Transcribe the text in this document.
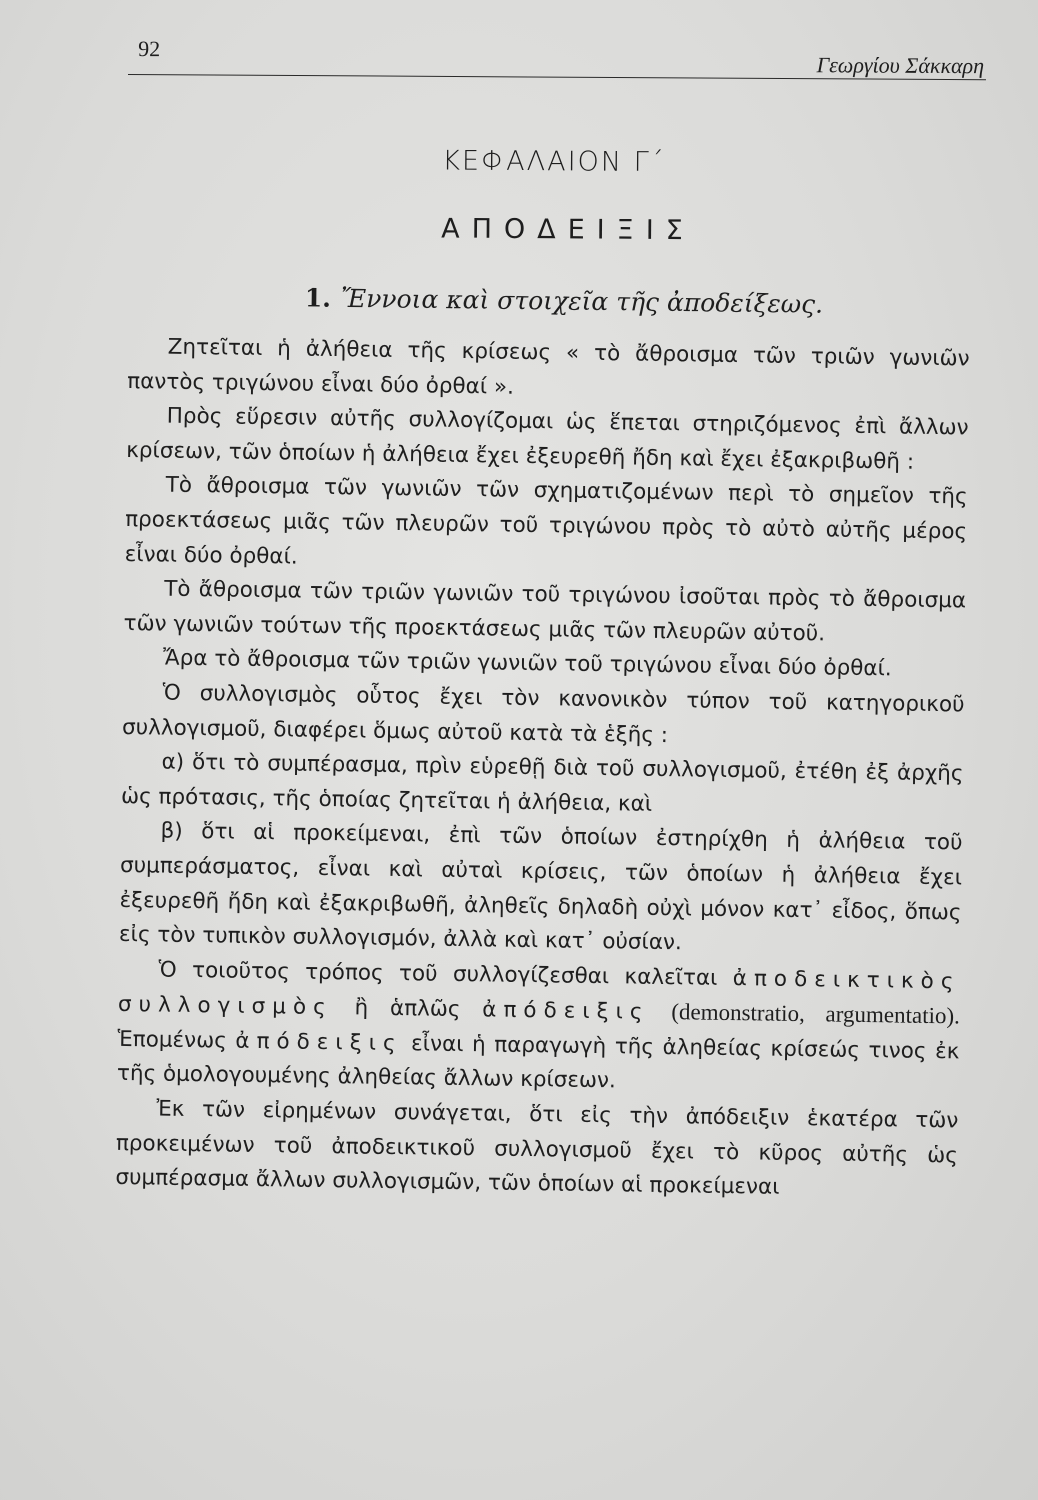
92
Γεωργίου Σάκκαρη
ΚΕΦΑΛΑΙΟΝ Γ΄
ΑΠΟΔΕΙΞΙΣ
1. Ἔννοια καὶ στοιχεῖα τῆς ἀποδείξεως.

Ζητεῖται ἡ ἀλήθεια τῆς κρίσεως « τὸ ἄθροισμα τῶν τριῶν γωνιῶν παντὸς τριγώνου εἶναι δύο ὀρθαί ».

Πρὸς εὕρεσιν αὐτῆς συλλογίζομαι ὡς ἕπεται στηριζόμενος ἐπὶ ἄλλων κρίσεων, τῶν ὁποίων ἡ ἀλήθεια ἔχει ἐξευρεθῆ ἤδη καὶ ἔχει ἐξακριβωθῆ :

Τὸ ἄθροισμα τῶν γωνιῶν τῶν σχηματιζομένων περὶ τὸ σημεῖον τῆς προεκτάσεως μιᾶς τῶν πλευρῶν τοῦ τριγώνου πρὸς τὸ αὐτὸ αὐτῆς μέρος εἶναι δύο ὀρθαί.

Τὸ ἄθροισμα τῶν τριῶν γωνιῶν τοῦ τριγώνου ἰσοῦται πρὸς τὸ ἄθροισμα τῶν γωνιῶν τούτων τῆς προεκτάσεως μιᾶς τῶν πλευρῶν αὐτοῦ.

Ἄρα τὸ ἄθροισμα τῶν τριῶν γωνιῶν τοῦ τριγώνου εἶναι δύο ὀρθαί.

Ὁ συλλογισμὸς οὗτος ἔχει τὸν κανονικὸν τύπον τοῦ κατηγορικοῦ συλλογισμοῦ, διαφέρει ὅμως αὐτοῦ κατὰ τὰ ἑξῆς :

α) ὅτι τὸ συμπέρασμα, πρὶν εὑρεθῇ διὰ τοῦ συλλογισμοῦ, ἐτέθη ἐξ ἀρχῆς ὡς πρότασις, τῆς ὁποίας ζητεῖται ἡ ἀλήθεια, καὶ

β) ὅτι αἱ προκείμεναι, ἐπὶ τῶν ὁποίων ἐστηρίχθη ἡ ἀλήθεια τοῦ συμπεράσματος, εἶναι καὶ αὐταὶ κρίσεις, τῶν ὁποίων ἡ ἀλήθεια ἔχει ἐξευρεθῆ ἤδη καὶ ἐξακριβωθῆ, ἀληθεῖς δηλαδὴ οὐχὶ μόνον κατ᾽ εἶδος, ὅπως εἰς τὸν τυπικὸν συλλογισμόν, ἀλλὰ καὶ κατ᾽ οὐσίαν.

Ὁ τοιοῦτος τρόπος τοῦ συλλογίζεσθαι καλεῖται ἀποδεικτικὸς συλλογισμὸς ἢ ἁπλῶς ἀπόδειξις (demonstratio, argumentatio). Ἑπομένως ἀπόδειξις εἶναι ἡ παραγωγὴ τῆς ἀληθείας κρίσεώς τινος ἐκ τῆς ὁμολογουμένης ἀληθείας ἄλλων κρίσεων.

Ἐκ τῶν εἰρημένων συνάγεται, ὅτι εἰς τὴν ἀπόδειξιν ἑκατέρα τῶν προκειμένων τοῦ ἀποδεικτικοῦ συλλογισμοῦ ἔχει τὸ κῦρος αὐτῆς ὡς συμπέρασμα ἄλλων συλλογισμῶν, τῶν ὁποίων αἱ προκείμεναι
